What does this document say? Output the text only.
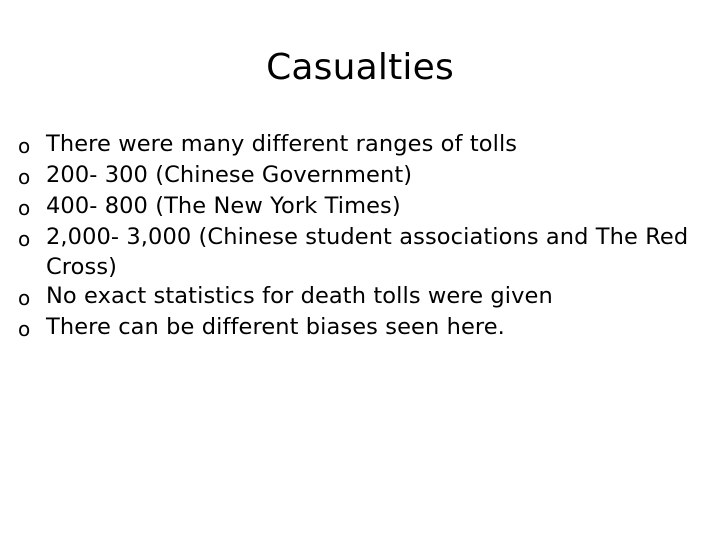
Casualties
o There were many different ranges of tolls
o 200- 300 (Chinese Government)
o 400- 800 (The New York Times)
o 2,000- 3,000 (Chinese student associations and The Red Cross)
o No exact statistics for death tolls were given
o There can be different biases seen here.
